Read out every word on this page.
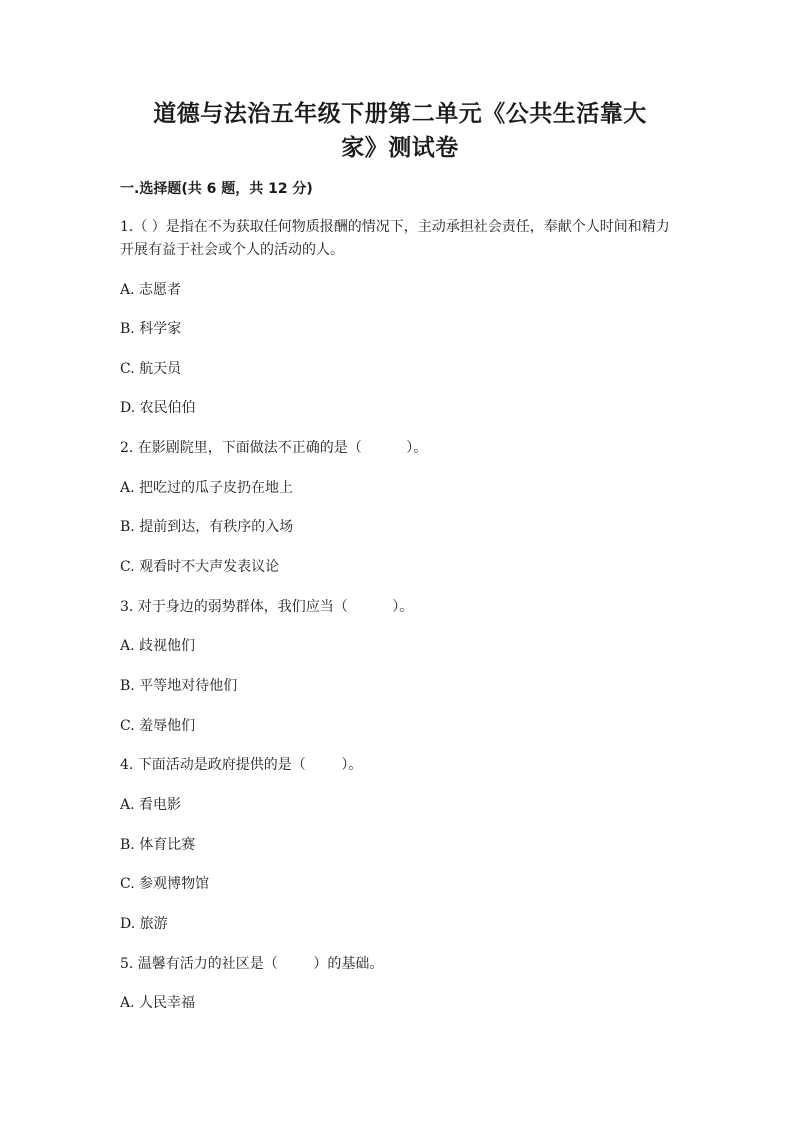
道德与法治五年级下册第二单元《公共生活靠大
家》测试卷
一.选择题(共 6 题，共 12 分)
1.（ ）是指在不为获取任何物质报酬的情况下，主动承担社会责任，奉献个人时间和精力开展有益于社会或个人的活动的人。
A. 志愿者
B. 科学家
C. 航天员
D. 农民伯伯
2. 在影剧院里，下面做法不正确的是（          ）。
A. 把吃过的瓜子皮扔在地上
B. 提前到达，有秩序的入场
C. 观看时不大声发表议论
3. 对于身边的弱势群体，我们应当（          ）。
A. 歧视他们
B. 平等地对待他们
C. 羞辱他们
4. 下面活动是政府提供的是（        ）。
A. 看电影
B. 体育比赛
C. 参观博物馆
D. 旅游
5. 温馨有活力的社区是（        ）的基础。
A. 人民幸福
